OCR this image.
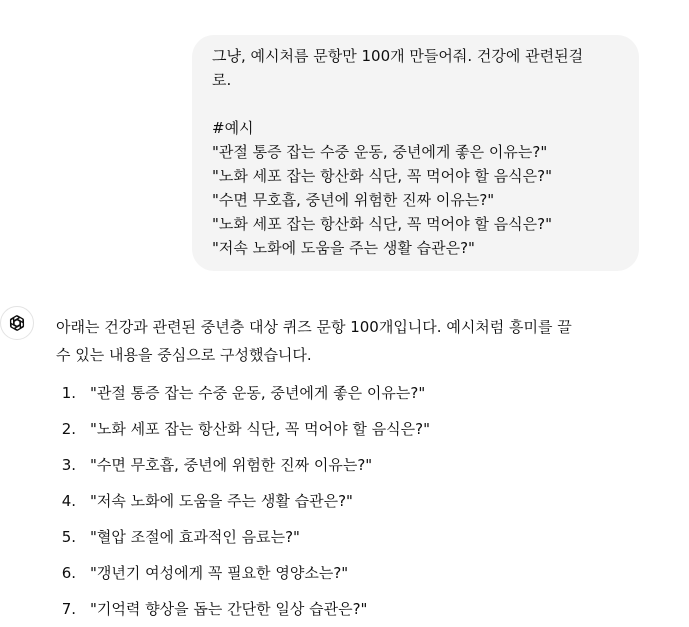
그냥, 예시처름 문항만 100개 만들어줘. 건강에 관련된걸
로.
#예시
"관절 통증 잡는 수중 운동, 중년에게 좋은 이유는?"
"노화 세포 잡는 항산화 식단, 꼭 먹어야 할 음식은?"
"수면 무호흡, 중년에 위험한 진짜 이유는?"
"노화 세포 잡는 항산화 식단, 꼭 먹어야 할 음식은?"
"저속 노화에 도움을 주는 생활 습관은?"

아래는 건강과 관련된 중년층 대상 퀴즈 문항 100개입니다. 예시처럼 흥미를 끌
수 있는 내용을 중심으로 구성했습니다.

1. "관절 통증 잡는 수중 운동, 중년에게 좋은 이유는?"
2. "노화 세포 잡는 항산화 식단, 꼭 먹어야 할 음식은?"
3. "수면 무호흡, 중년에 위험한 진짜 이유는?"
4. "저속 노화에 도움을 주는 생활 습관은?"
5. "혈압 조절에 효과적인 음료는?"
6. "갱년기 여성에게 꼭 필요한 영양소는?"
7. "기억력 향상을 돕는 간단한 일상 습관은?"
